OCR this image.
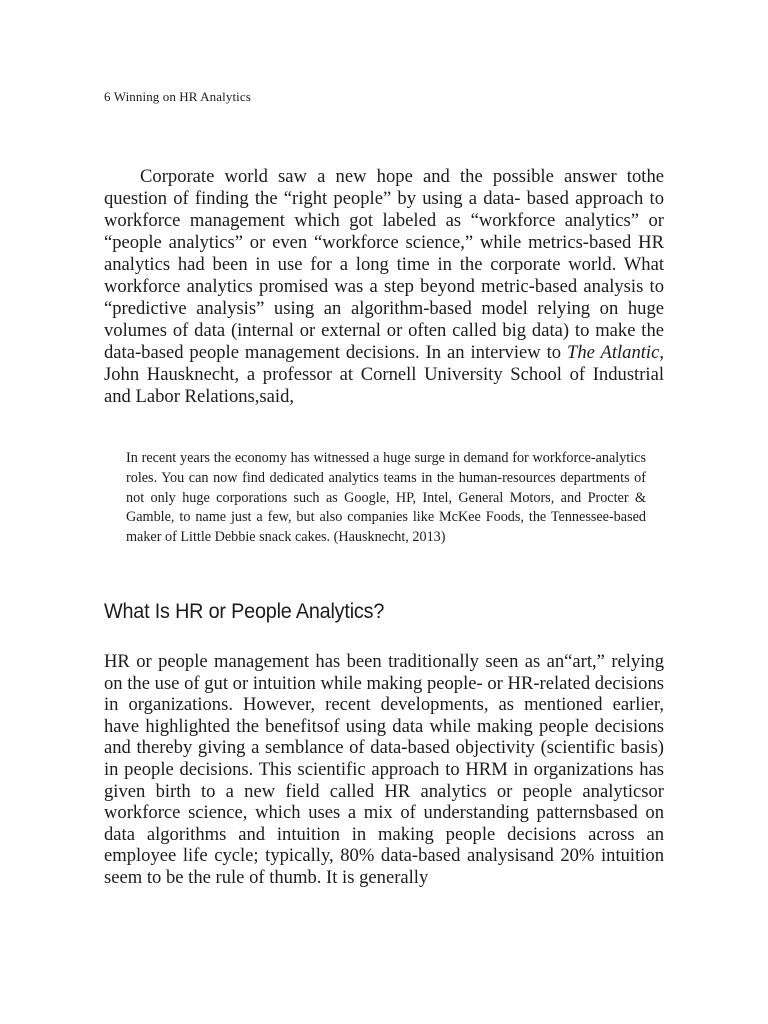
6 Winning on HR Analytics

Corporate world saw a new hope and the possible answer tothe question of finding the “right people” by using a data- based approach to workforce management which got labeled as “workforce analytics” or “people analytics” or even “workforce science,” while metrics-based HR analytics had been in use for a long time in the corporate world. What workforce analytics promised was a step beyond metric-based analysis to “predictive analysis” using an algorithm-based model relying on huge volumes of data (internal or external or often called big data) to make the data-based people management decisions. In an interview to The Atlantic, John Hausknecht, a professor at Cornell University School of Industrial and Labor Relations,said,

In recent years the economy has witnessed a huge surge in demand for workforce-analytics roles. You can now find dedicated analytics teams in the human-resources departments of not only huge corporations such as Google, HP, Intel, General Motors, and Procter & Gamble, to name just a few, but also companies like McKee Foods, the Tennessee-based maker of Little Debbie snack cakes. (Hausknecht, 2013)

What Is HR or People Analytics?

HR or people management has been traditionally seen as an“art,” relying on the use of gut or intuition while making people- or HR-related decisions in organizations. However, recent developments, as mentioned earlier, have highlighted the benefitsof using data while making people decisions and thereby giving a semblance of data-based objectivity (scientific basis) in people decisions. This scientific approach to HRM in organizations has given birth to a new field called HR analytics or people analyticsor workforce science, which uses a mix of understanding patternsbased on data algorithms and intuition in making people decisions across an employee life cycle; typically, 80% data-based analysisand 20% intuition seem to be the rule of thumb. It is generally
